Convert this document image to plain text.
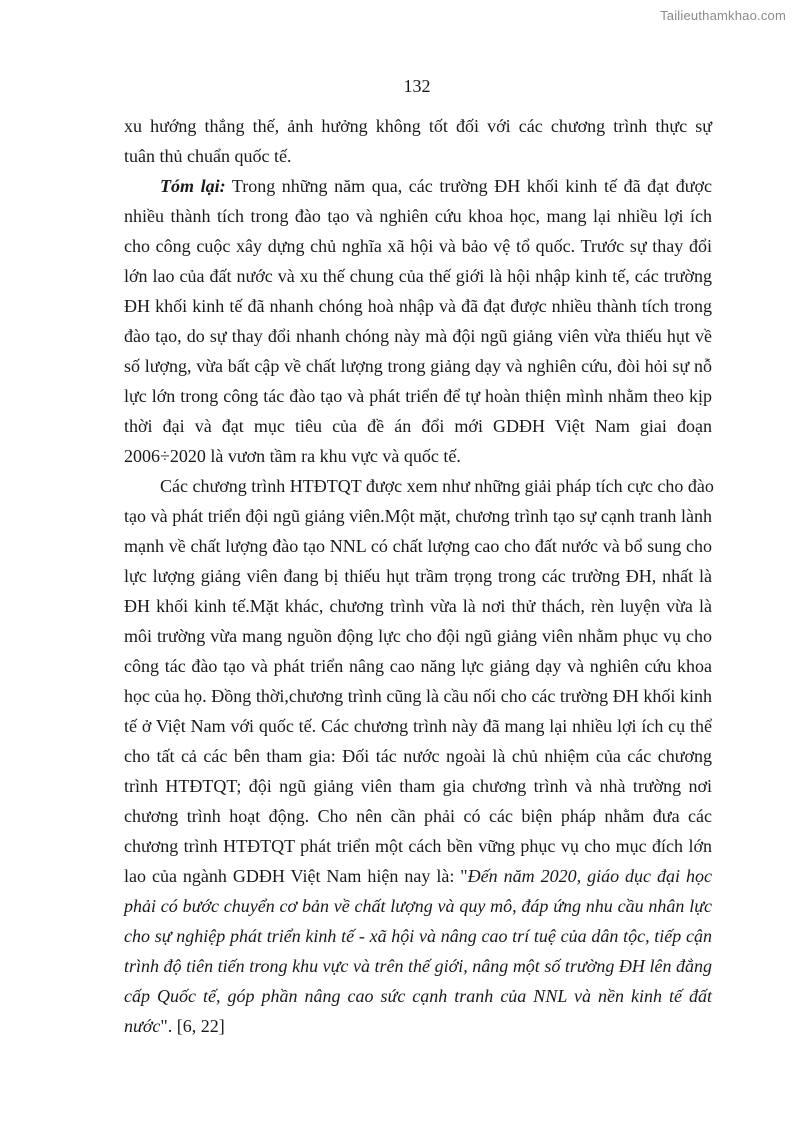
Tailieuthamkhao.com
132
xu hướng thắng thế, ảnh hưởng không tốt đối với các chương trình thực sự
tuân thủ chuẩn quốc tế.
Tóm lại: Trong những năm qua, các trường ĐH khối kinh tế đã đạt được
nhiều thành tích trong đào tạo và nghiên cứu khoa học, mang lại nhiều lợi ích
cho công cuộc xây dựng chủ nghĩa xã hội và bảo vệ tổ quốc. Trước sự thay đổi
lớn lao của đất nước và xu thế chung của thế giới là hội nhập kinh tế, các trường
ĐH khối kinh tế đã nhanh chóng hoà nhập và đã đạt được nhiều thành tích trong
đào tạo, do sự thay đổi nhanh chóng này mà đội ngũ giảng viên vừa thiếu hụt về
số lượng, vừa bất cập về chất lượng trong giảng dạy và nghiên cứu, đòi hỏi sự nỗ
lực lớn trong công tác đào tạo và phát triển để tự hoàn thiện mình nhằm theo kịp
thời đại và đạt mục tiêu của đề án đổi mới GDĐH Việt Nam giai đoạn
2006÷2020 là vươn tầm ra khu vực và quốc tế.
Các chương trình HTĐTQT được xem như những giải pháp tích cực cho đào
tạo và phát triển đội ngũ giảng viên.Một mặt, chương trình tạo sự cạnh tranh lành
mạnh về chất lượng đào tạo NNL có chất lượng cao cho đất nước và bổ sung cho
lực lượng giảng viên đang bị thiếu hụt trầm trọng trong các trường ĐH, nhất là
ĐH khối kinh tế.Mặt khác, chương trình vừa là nơi thử thách, rèn luyện vừa là
môi trường vừa mang nguồn động lực cho đội ngũ giảng viên nhằm phục vụ cho
công tác đào tạo và phát triển nâng cao năng lực giảng dạy và nghiên cứu khoa
học của họ. Đồng thời,chương trình cũng là cầu nối cho các trường ĐH khối kinh
tế ở Việt Nam với quốc tế. Các chương trình này đã mang lại nhiều lợi ích cụ thể
cho tất cả các bên tham gia: Đối tác nước ngoài là chủ nhiệm của các chương
trình HTĐTQT; đội ngũ giảng viên tham gia chương trình và nhà trường nơi
chương trình hoạt động. Cho nên cần phải có các biện pháp nhằm đưa các
chương trình HTĐTQT phát triển một cách bền vững phục vụ cho mục đích lớn
lao của ngành GDĐH Việt Nam hiện nay là: "Đến năm 2020, giáo dục đại học
phải có bước chuyển cơ bản về chất lượng và quy mô, đáp ứng nhu cầu nhân lực
cho sự nghiệp phát triển kinh tế - xã hội và nâng cao trí tuệ của dân tộc, tiếp cận
trình độ tiên tiến trong khu vực và trên thế giới, nâng một số trường ĐH lên đẳng
cấp Quốc tế, góp phần nâng cao sức cạnh tranh của NNL và nền kinh tế đất
nước". [6, 22]
